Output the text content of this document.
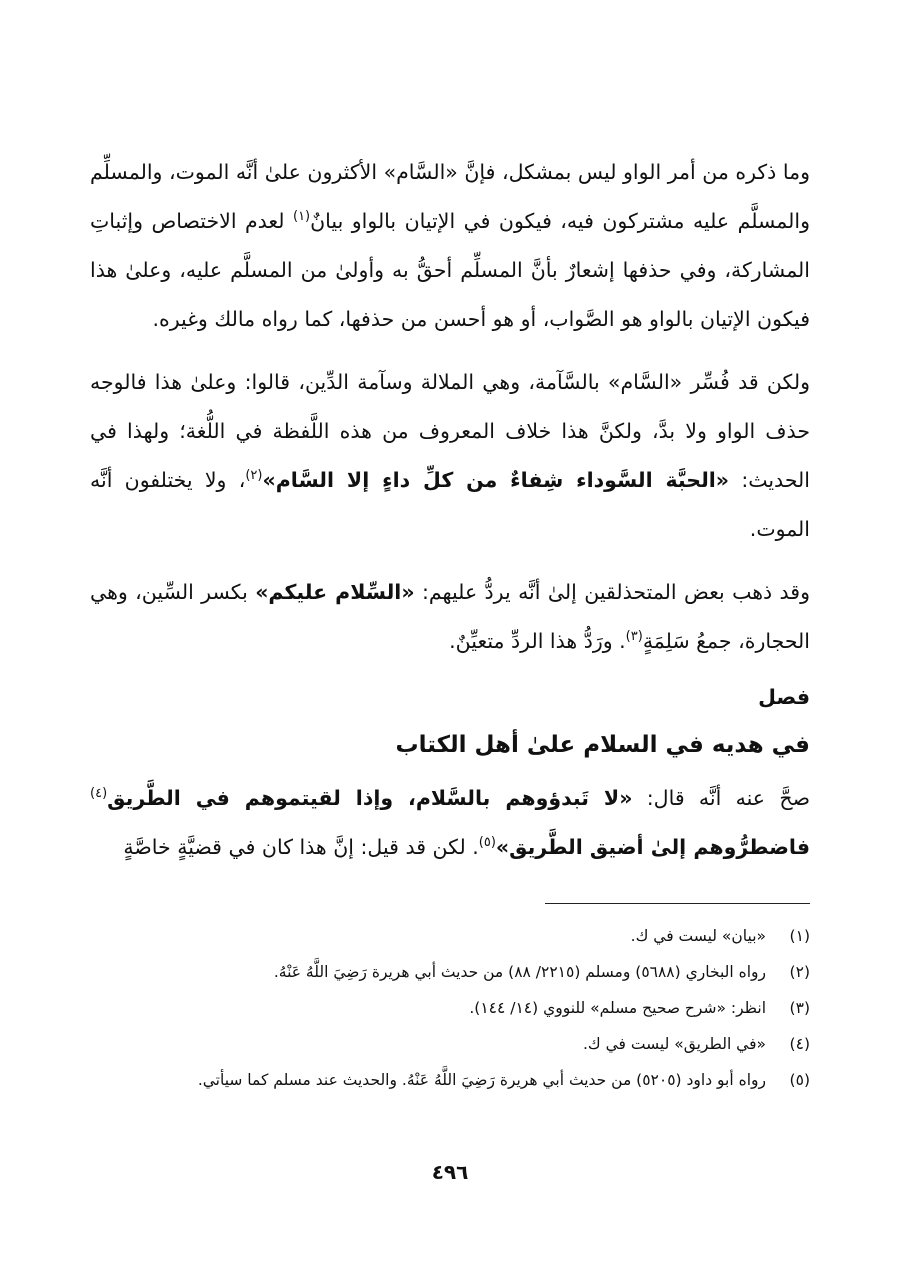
وما ذكره من أمر الواو ليس بمشكل، فإنَّ «السَّام» الأكثرون علىٰ أنَّه الموت، والمسلِّم والمسلَّم عليه مشتركون فيه، فيكون في الإتيان بالواو بيانٌ$^{(١)}$ لعدم الاختصاص وإثباتِ المشاركة، وفي حذفها إشعارٌ بأنَّ المسلِّم أحقُّ به وأولىٰ من المسلَّم عليه، وعلىٰ هذا فيكون الإتيان بالواو هو الصَّواب، أو هو أحسن من حذفها، كما رواه مالك وغيره.

ولكن قد فُسِّر «السَّام» بالسَّآمة، وهي الملالة وسآمة الدِّين، قالوا: وعلىٰ هذا فالوجه حذف الواو ولا بدَّ، ولكنَّ هذا خلاف المعروف من هذه اللَّفظة في اللُّغة؛ ولهذا في الحديث: «الحبَّة السَّوداء شِفاءٌ من كلِّ داءٍ إلا السَّام»$^{(٢)}$، ولا يختلفون أنَّه الموت.

وقد ذهب بعض المتحذلقين إلىٰ أنَّه يردُّ عليهم: «السِّلام عليكم» بكسر السِّين، وهي الحجارة، جمعُ سَلِمَةٍ$^{(٣)}$. ورَدُّ هذا الردِّ متعيِّنٌ.

فصل
في هديه في السلام علىٰ أهل الكتاب

صحَّ عنه أنَّه قال: «لا تَبدؤوهم بالسَّلام، وإذا لقيتموهم في الطَّريق$^{(٤)}$ فاضطرُّوهم إلىٰ أضيق الطَّريق»$^{(٥)}$. لكن قد قيل: إنَّ هذا كان في قضيَّةٍ خاصَّةٍ

(١)
«بيان» ليست في ك.
(٢)
رواه البخاري (٥٦٨٨) ومسلم (٢٢١٥/ ٨٨) من حديث أبي هريرة رَضِيَ اللَّهُ عَنْهُ.
(٣)
انظر: «شرح صحيح مسلم» للنووي (١٤/ ١٤٤).
(٤)
«في الطريق» ليست في ك.
(٥)
رواه أبو داود (٥٢٠٥) من حديث أبي هريرة رَضِيَ اللَّهُ عَنْهُ. والحديث عند مسلم كما سيأتي.
٤٩٦
